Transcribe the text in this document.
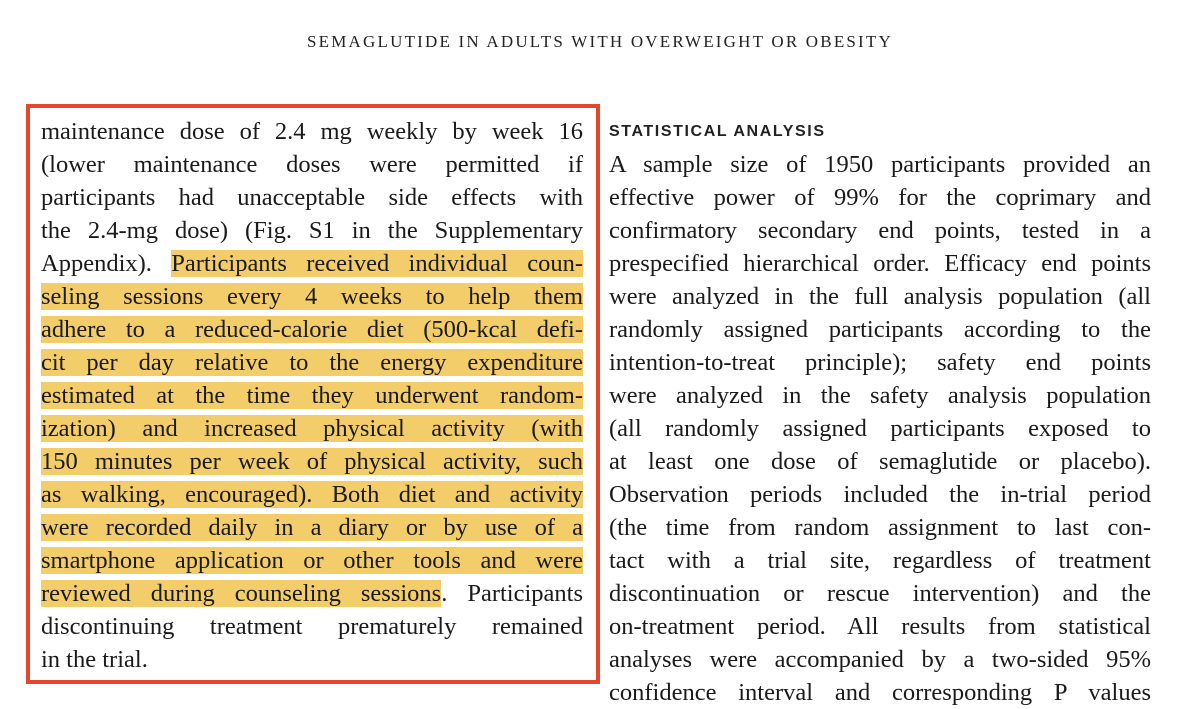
SEMAGLUTIDE IN ADULTS WITH OVERWEIGHT OR OBESITY
maintenance dose of 2.4 mg weekly by week 16
(lower maintenance doses were permitted if
participants had unacceptable side effects with
the 2.4-mg dose) (Fig. S1 in the Supplementary
Appendix). Participants received individual coun-
seling sessions every 4 weeks to help them
adhere to a reduced-calorie diet (500-kcal defi-
cit per day relative to the energy expenditure
estimated at the time they underwent random-
ization) and increased physical activity (with
150 minutes per week of physical activity, such
as walking, encouraged). Both diet and activity
were recorded daily in a diary or by use of a
smartphone application or other tools and were
reviewed during counseling sessions. Participants
discontinuing treatment prematurely remained
in the trial.
STATISTICAL ANALYSIS
A sample size of 1950 participants provided an
effective power of 99% for the coprimary and
confirmatory secondary end points, tested in a
prespecified hierarchical order. Efficacy end points
were analyzed in the full analysis population (all
randomly assigned participants according to the
intention-to-treat principle); safety end points
were analyzed in the safety analysis population
(all randomly assigned participants exposed to
at least one dose of semaglutide or placebo).
Observation periods included the in-trial period
(the time from random assignment to last con-
tact with a trial site, regardless of treatment
discontinuation or rescue intervention) and the
on-treatment period. All results from statistical
analyses were accompanied by a two-sided 95%
confidence interval and corresponding P values
